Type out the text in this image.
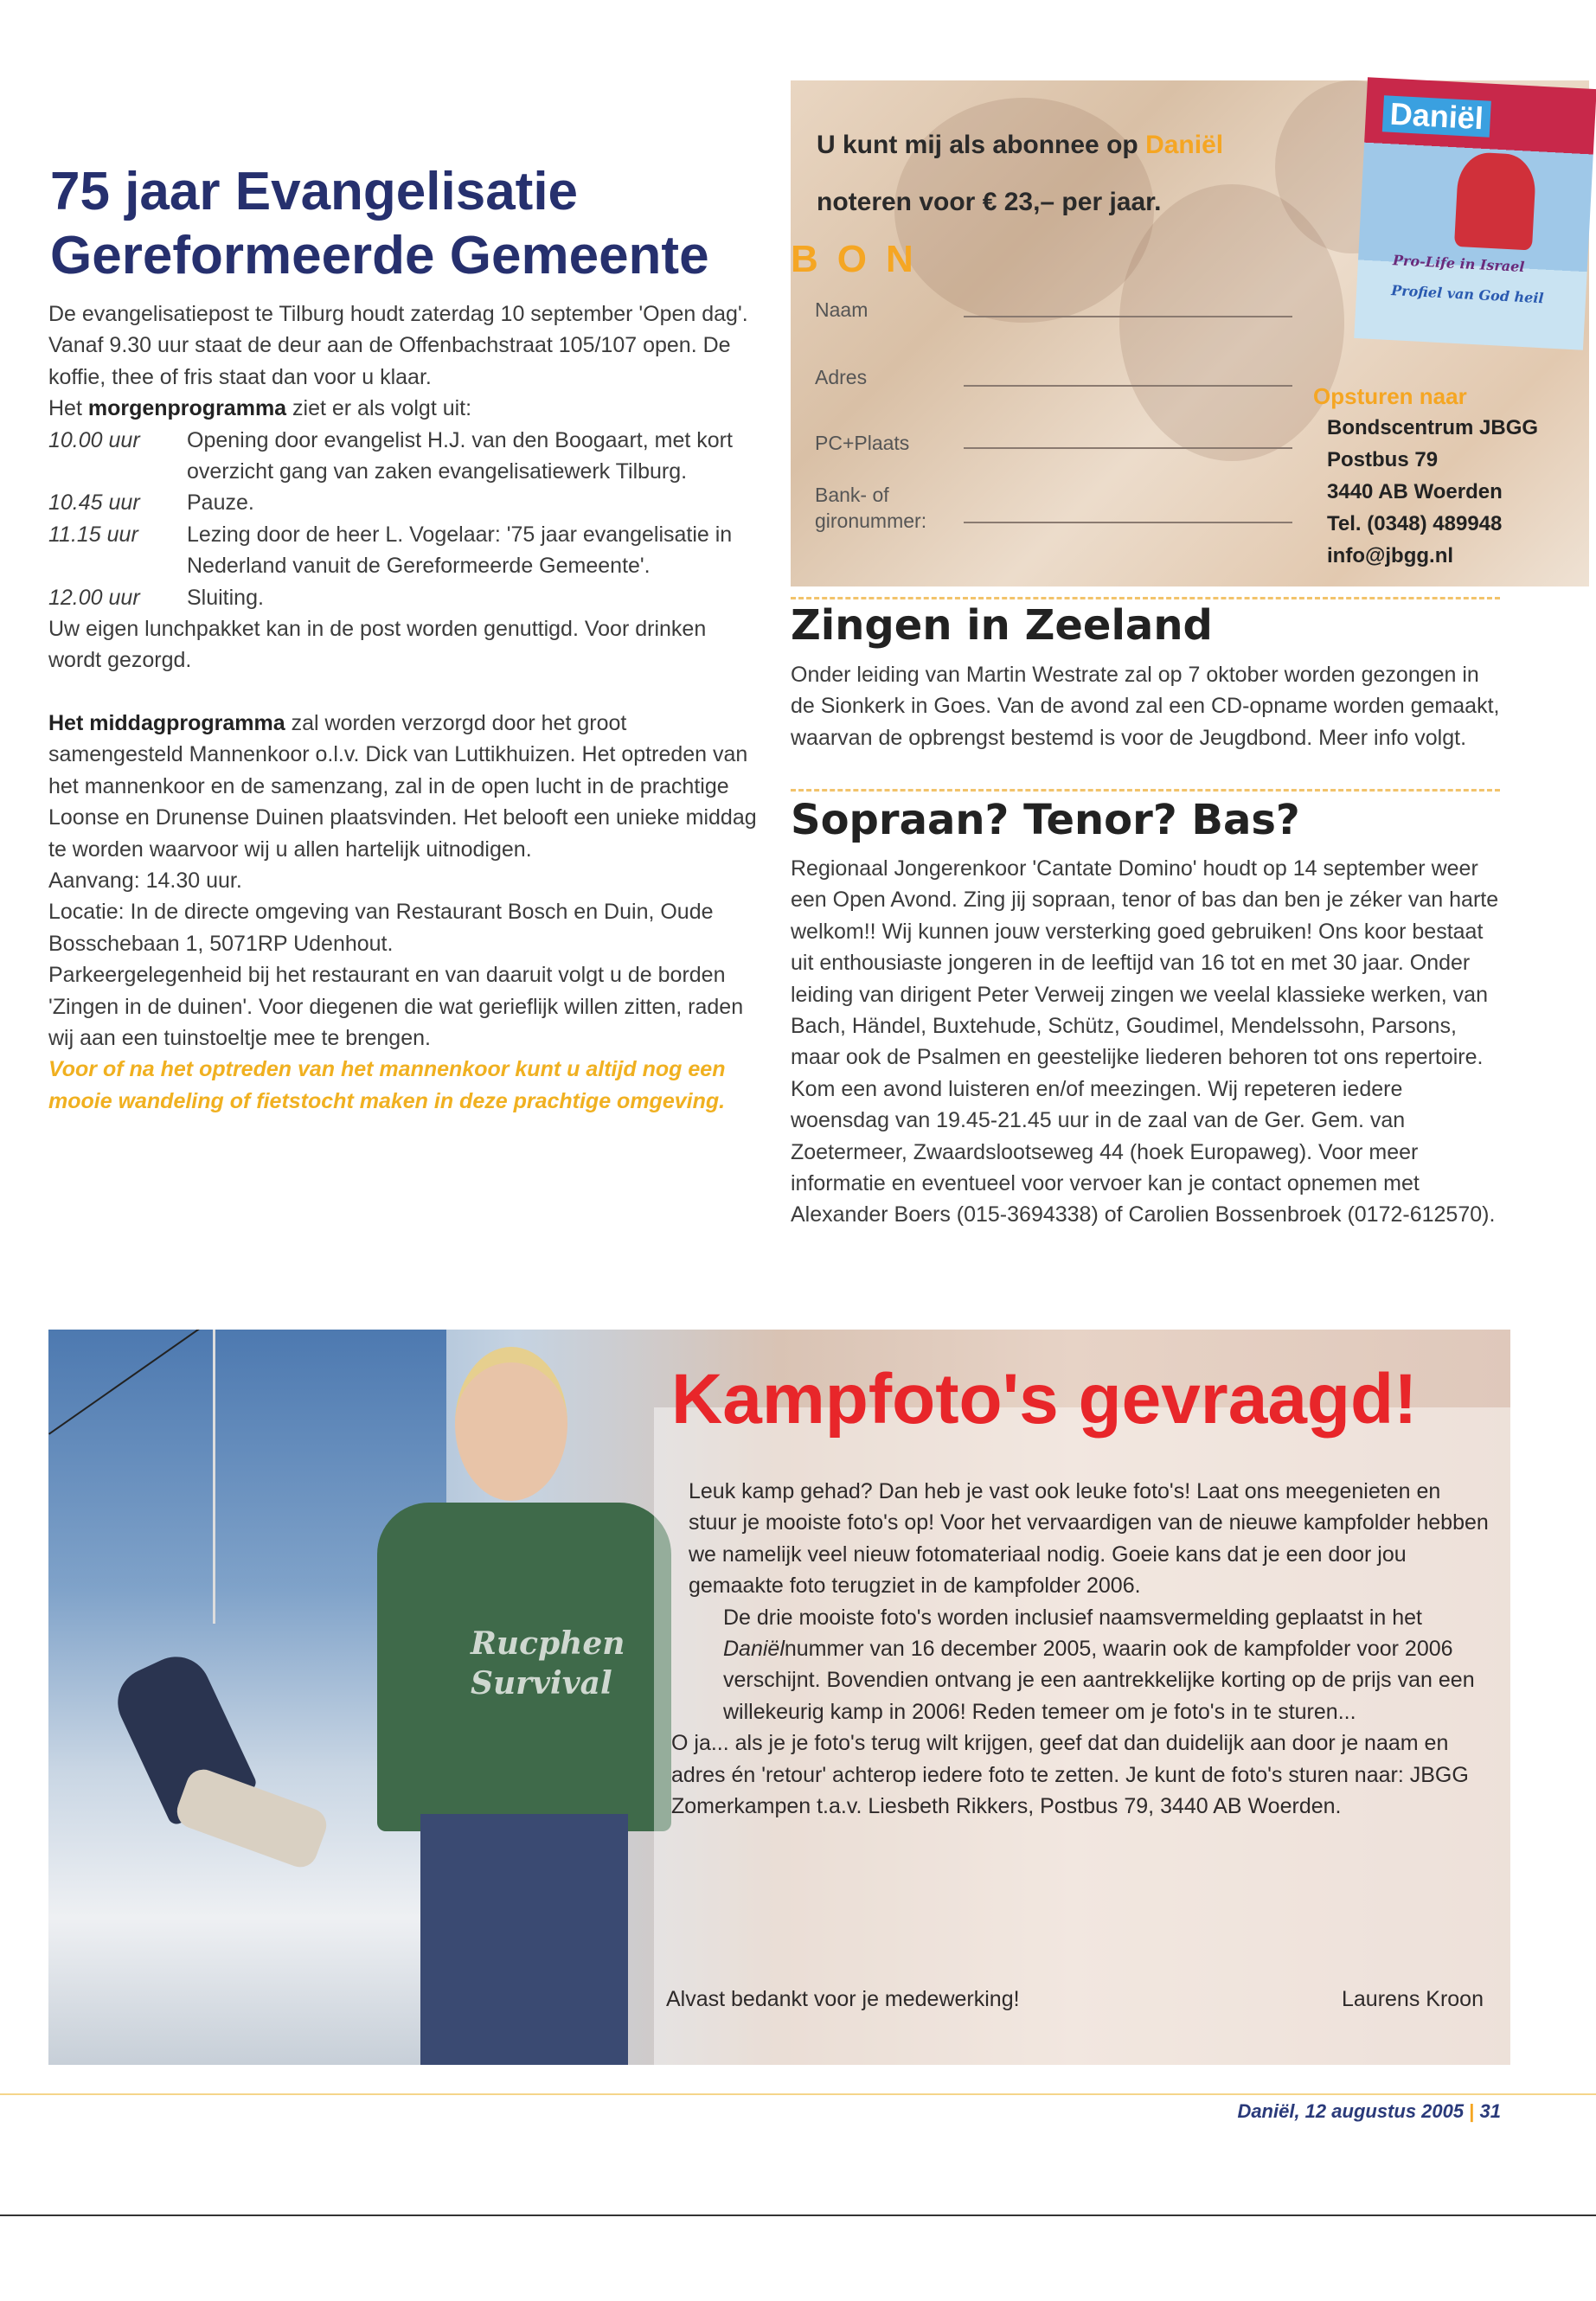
75 jaar Evangelisatie Gereformeerde Gemeente

De evangelisatiepost te Tilburg houdt zaterdag 10 september 'Open dag'. Vanaf 9.30 uur staat de deur aan de Offenbachstraat 105/107 open. De koffie, thee of fris staat dan voor u klaar.

Het morgenprogramma ziet er als volgt uit:

10.00 uur	Opening door evangelist H.J. van den Boogaart, met kort overzicht gang van zaken evangelisatiewerk Tilburg.
10.45 uur	Pauze.
11.15 uur	Lezing door de heer L. Vogelaar: '75 jaar evangelisatie in Nederland vanuit de Gereformeerde Gemeente'.
12.00 uur	Sluiting.

Uw eigen lunchpakket kan in de post worden genuttigd. Voor drinken wordt gezorgd.

Het middagprogramma zal worden verzorgd door het groot samengesteld Mannenkoor o.l.v. Dick van Luttikhuizen. Het optreden van het mannenkoor en de samenzang, zal in de open lucht in de prachtige Loonse en Drunense Duinen plaatsvinden. Het belooft een unieke middag te worden waarvoor wij u allen hartelijk uitnodigen.

Aanvang: 14.30 uur.

Locatie: In de directe omgeving van Restaurant Bosch en Duin, Oude Bosschebaan 1, 5071RP Udenhout.

Parkeergelegenheid bij het restaurant en van daaruit volgt u de borden 'Zingen in de duinen'. Voor diegenen die wat gerieflijk willen zitten, raden wij aan een tuinstoeltje mee te brengen.

Voor of na het optreden van het mannenkoor kunt u altijd nog een mooie wandeling of fietstocht maken in deze prachtige omgeving.

U kunt mij als abonnee op Daniël
noteren voor € 23,– per jaar.
BON
Naam
Adres
PC+Plaats
Bank- of gironummer:
Opsturen naar
Bondscentrum JBGG
Postbus 79
3440 AB Woerden
Tel. (0348) 489948
info@jbgg.nl
Daniël
Pro-Life in Israel
Profiel van God heil
Zingen in Zeeland
Onder leiding van Martin Westrate zal op 7 oktober worden gezongen in de Sionkerk in Goes. Van de avond zal een CD-opname worden gemaakt, waarvan de opbrengst bestemd is voor de Jeugdbond. Meer info volgt.
Sopraan? Tenor? Bas?
Regionaal Jongerenkoor 'Cantate Domino' houdt op 14 september weer een Open Avond. Zing jij sopraan, tenor of bas dan ben je zéker van harte welkom!! Wij kunnen jouw versterking goed gebruiken! Ons koor bestaat uit enthousiaste jongeren in de leeftijd van 16 tot en met 30 jaar. Onder leiding van dirigent Peter Verweij zingen we veelal klassieke werken, van Bach, Händel, Buxtehude, Schütz, Goudimel, Mendelssohn, Parsons, maar ook de Psalmen en geestelijke liederen behoren tot ons repertoire.
Kom een avond luisteren en/of meezingen. Wij repeteren iedere woensdag van 19.45-21.45 uur in de zaal van de Ger. Gem. van Zoetermeer, Zwaardslootseweg 44 (hoek Europaweg). Voor meer informatie en eventueel voor vervoer kan je contact opnemen met Alexander Boers (015-3694338) of Carolien Bossenbroek (0172-612570).
Rucphen
Survival
Kampfoto's gevraagd!
Leuk kamp gehad? Dan heb je vast ook leuke foto's! Laat ons meegenieten en stuur je mooiste foto's op! Voor het vervaardigen van de nieuwe kampfolder hebben we namelijk veel nieuw fotomateriaal nodig. Goeie kans dat je een door jou gemaakte foto terugziet in de kampfolder 2006.
De drie mooiste foto's worden inclusief naamsvermelding geplaatst in het Daniëlnummer van 16 december 2005, waarin ook de kampfolder voor 2006 verschijnt. Bovendien ontvang je een aantrekkelijke korting op de prijs van een willekeurig kamp in 2006! Reden temeer om je foto's in te sturen...
O ja... als je je foto's terug wilt krijgen, geef dat dan duidelijk aan door je naam en adres én 'retour' achterop iedere foto te zetten. Je kunt de foto's sturen naar: JBGG Zomerkampen t.a.v. Liesbeth Rikkers, Postbus 79, 3440 AB Woerden.
Alvast bedankt voor je medewerking!	Laurens Kroon
Daniël, 12 augustus 2005 | 31
